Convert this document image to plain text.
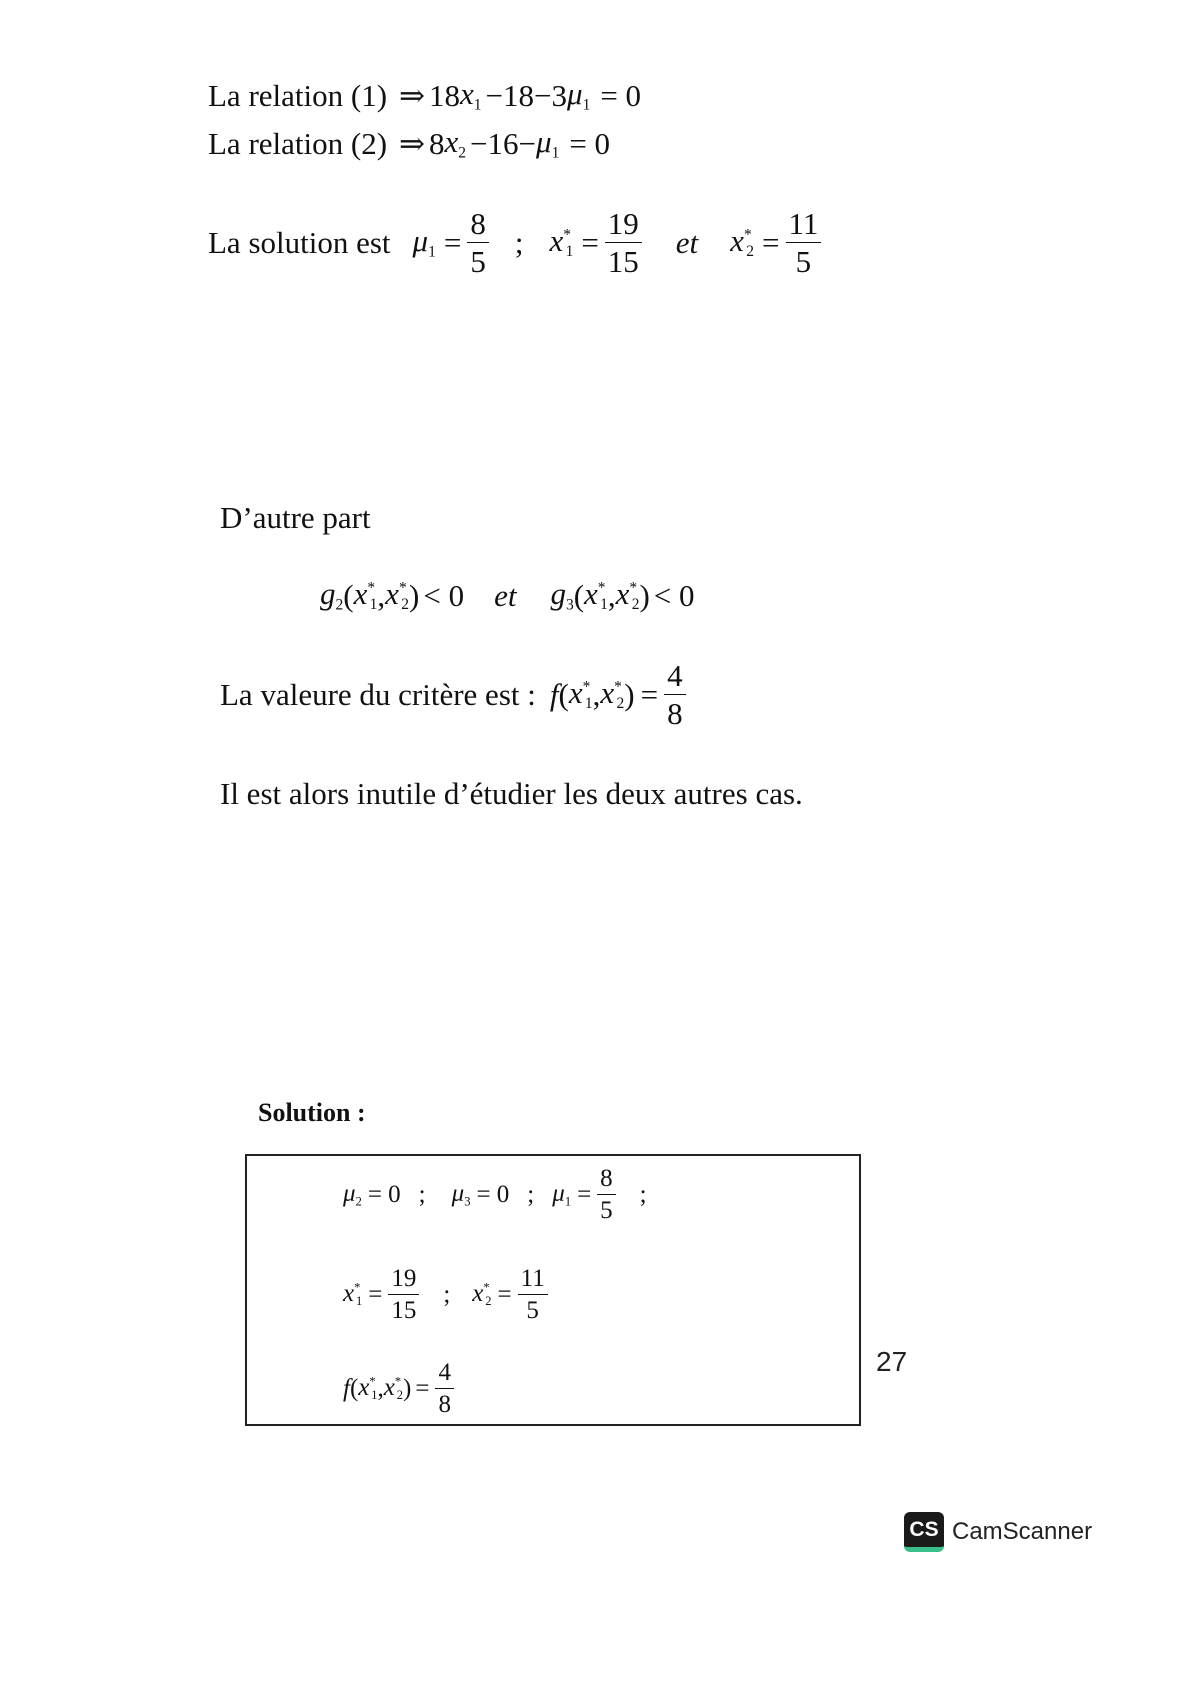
La relation (1) ⇒ 18 $x_1 -18-3$ $\mu_1 = 0$
La relation (2) ⇒ 8 $x_2 -16- \mu_1 = 0$
La solution est $\mu_1 = \frac{8}{5}$ ; $x^*_1 = \frac{19}{15}$ et $x^*_2 = \frac{11}{5}$
D’autre part
$g_2$ ( $x^*_1$ , $x^*_2$ ) < 0 et $g_3$ ( $x^*_1$ , $x^*_2$ ) < 0
La valeure du critère est : f ( $x^*_1$ , $x^*_2$ ) = $\frac{4}{8}$
Il est alors inutile d’étudier les deux autres cas.
Solution :
$\mu_2 = 0$ ; $\mu_3 = 0$ ; $\mu_1 = \frac{8}{5}$ ;
$x^*_1 = \frac{19}{15}$ ; $x^*_2 = \frac{11}{5}$
f ( $x^*_1$ , $x^*_2$ ) = $\frac{4}{8}$	27
CS CamScanner
